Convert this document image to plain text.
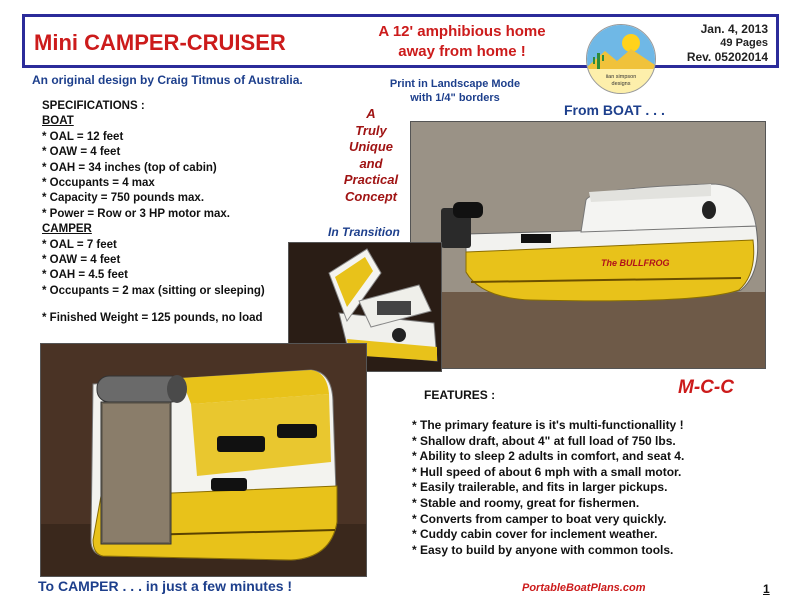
Mini CAMPER-CRUISER	A 12' amphibious home
away from home !
iian simpson
designs
Jan. 4, 2013
49 Pages
Rev. 05202014
An original design by Craig Titmus of Australia.	Print in Landscape Mode
with 1/4" borders
From BOAT . . .
SPECIFICATIONS :
BOAT
* OAL = 12 feet
* OAW = 4 feet
* OAH = 34 inches (top of cabin)
* Occupants = 4 max
* Capacity = 750 pounds max.
* Power = Row or 3 HP motor max.
CAMPER
* OAL = 7 feet
* OAW = 4 feet
* OAH = 4.5 feet
* Occupants = 2 max (sitting or sleeping)
* Finished Weight = 125 pounds, no load
A
Truly
Unique
and
Practical
Concept
In Transition
The BULLFROG
M-C-C
FEATURES :
* The primary feature is it's multi-functionallity !
* Shallow draft, about 4" at full load of 750 lbs.
* Ability to sleep 2 adults in comfort, and seat 4.
* Hull speed of about 6 mph with a small motor.
* Easily trailerable, and fits in larger pickups.
* Stable and roomy, great for fishermen.
* Converts from camper to boat very quickly.
* Cuddy cabin cover for inclement weather.
* Easy to build by anyone with common tools.
To CAMPER . . . in just a few minutes !	PortableBoatPlans.com	1
